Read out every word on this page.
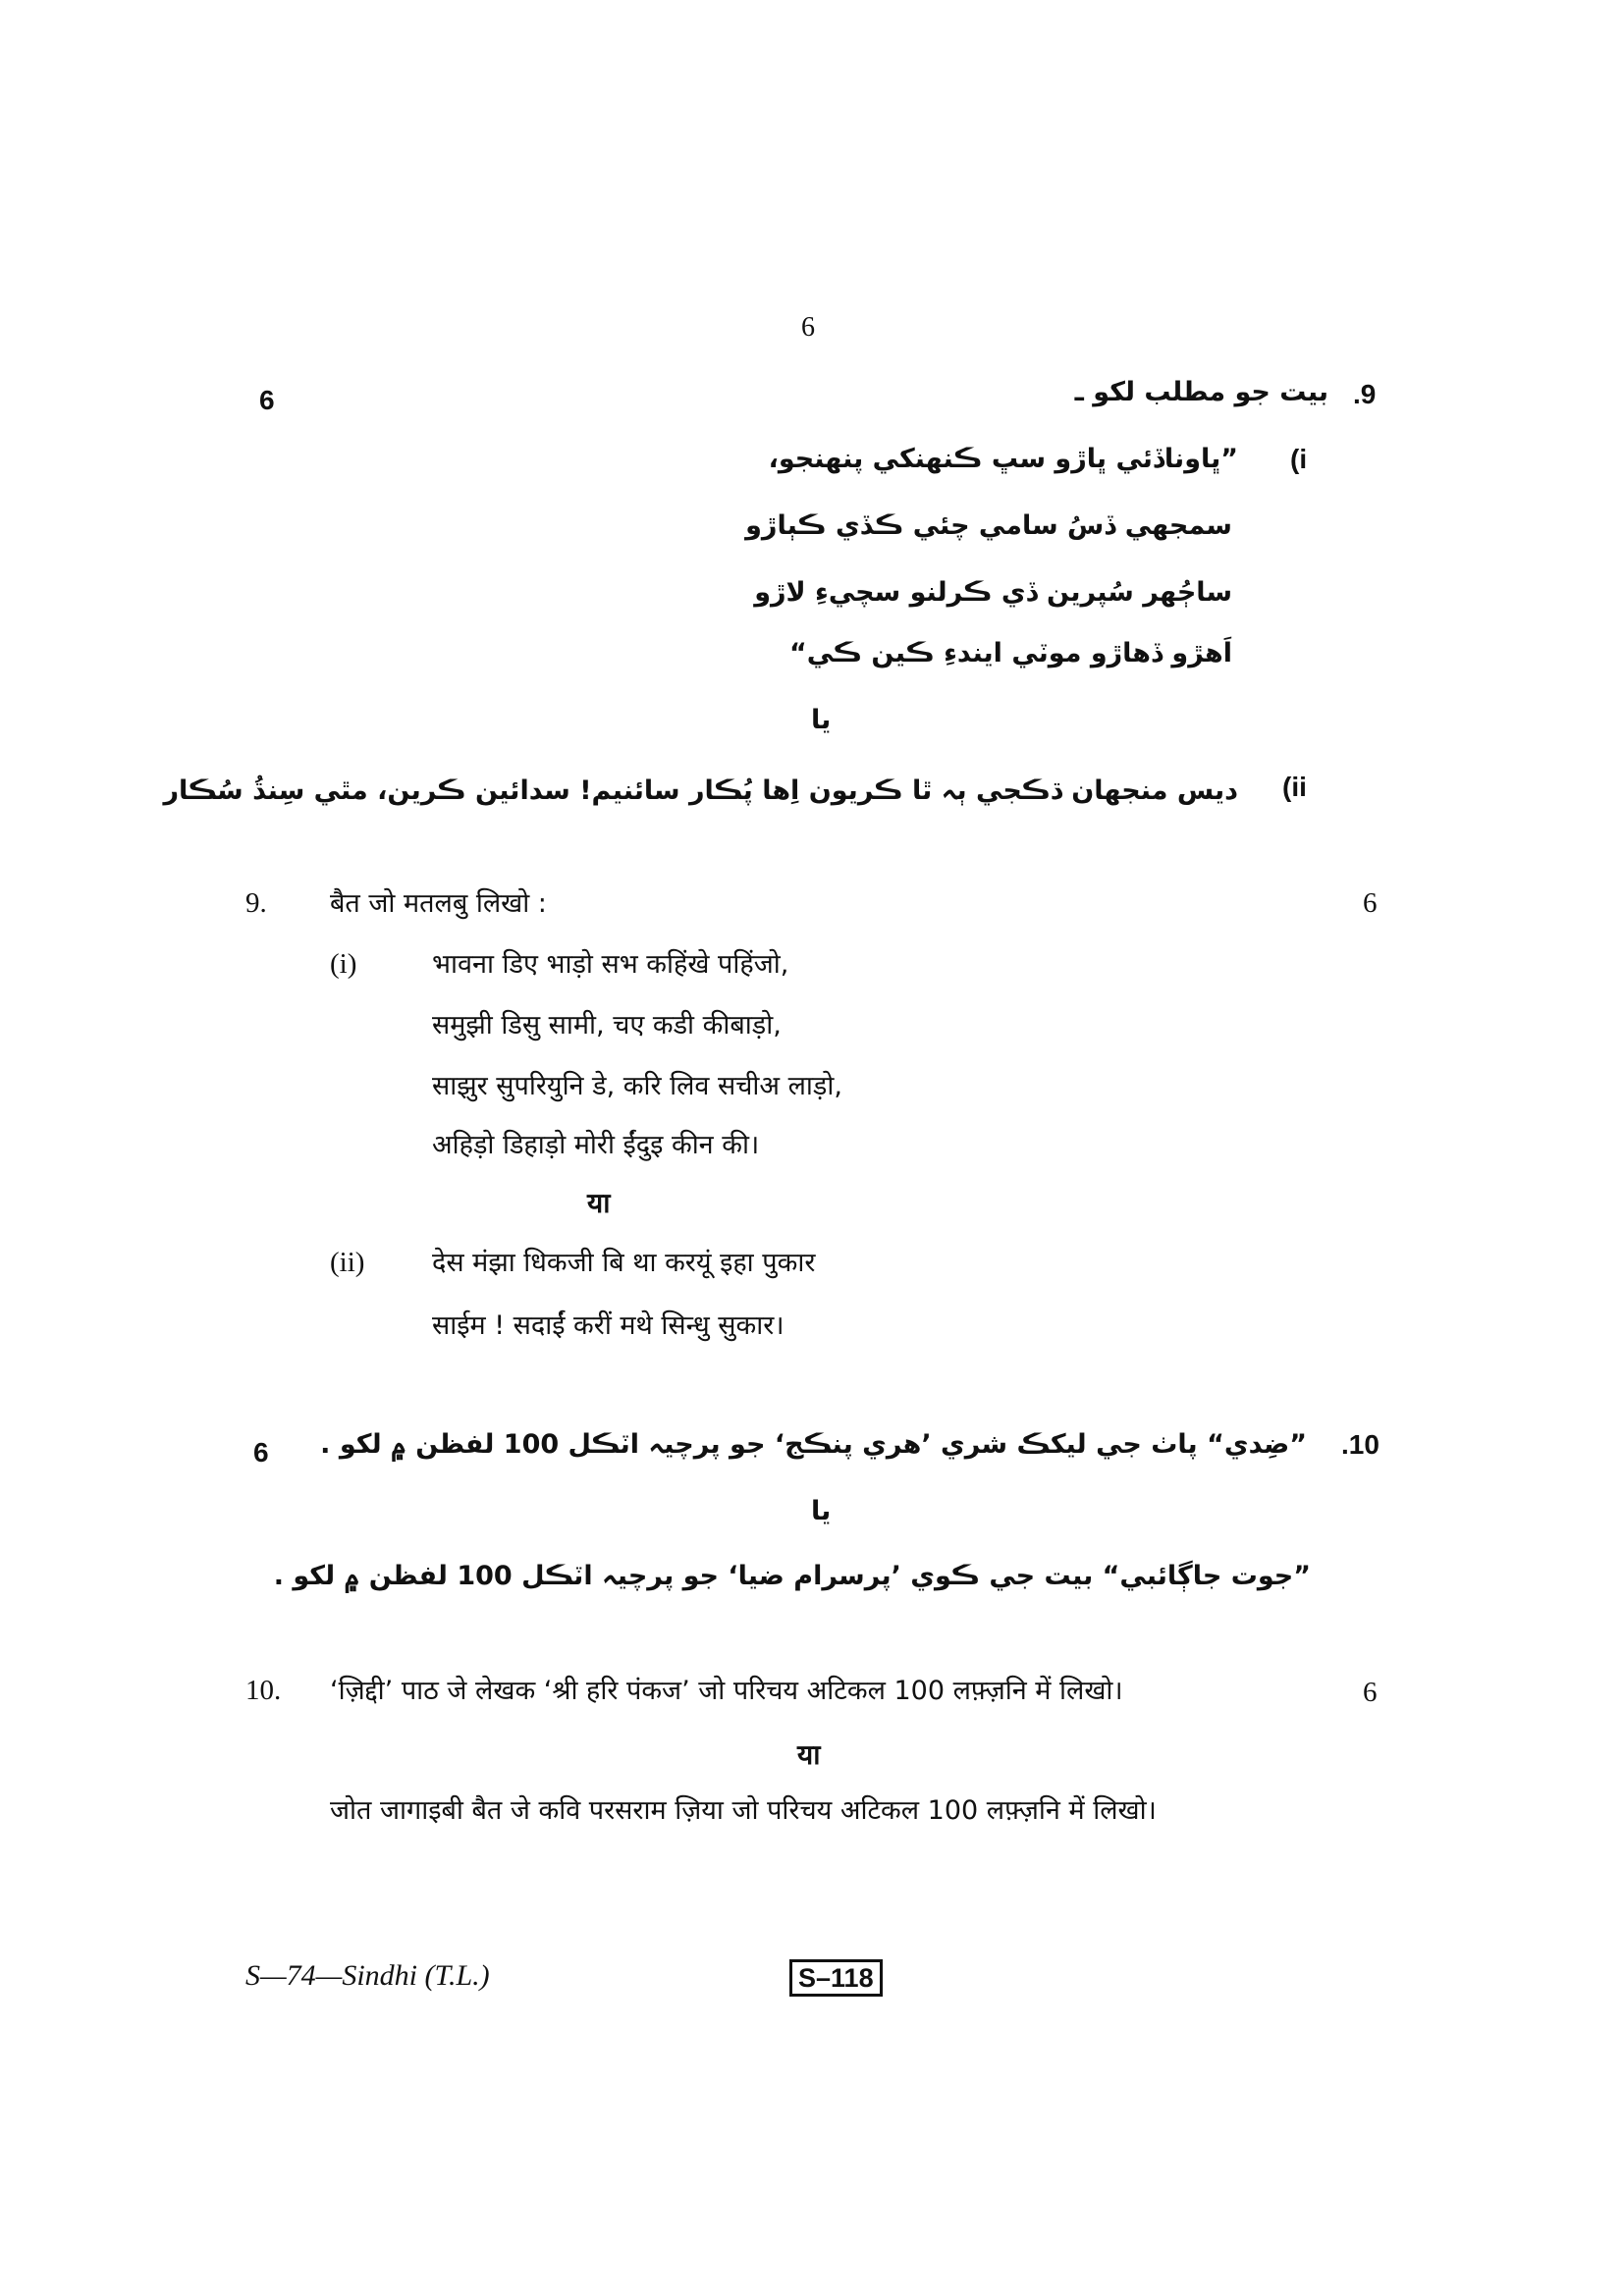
6
6	.9
بيت جو مطلب لکو ـ
(i
”ڀاوناڏئي ڀاڙو سڀ ڪنهنکي پنهنجو،
سمجهي ڏسُ سامي چئي ڪڏي ڪٻاڙو
ساڄُهر سُپرين ڏي ڪرلنو سچيءِ لاڙو
اَهڙو ڏهاڙو موٽي ايندءِ ڪين ڪي“
يا
(ii
ديس منجهان ڌڪجي ٻہ ٿا ڪريون اِها پُڪار سائنيم! سدائين ڪرين، مٿي سِنڌُ سُڪار
9. बैत जो मतलबु लिखो :	6
(i)	भावना डिए भाड़ो सभ कहिंखे पहिंजो,
समुझी डिसु सामी, चए कडी कीबाड़ो,
साझुर सुपरियुनि डे, करि लिव सचीअ लाड़ो,
अहिड़ो डिहाड़ो मोरी ईंदुइ कीन की।
या
(ii)	देस मंझा धिकजी बि था करयूं इहा पुकार
साईम ! सदाईं करीं मथे सिन्धु सुकार।
6	.10
”ضِدي“ پاٺ جي ليکڪ شري ’هري پنڪج‘ جو پرچيہ اٽڪل 100 لفظن ۾ لکو .
يا
”جوت جاڳائبي“ بيت جي ڪوي ’پرسرام ضيا‘ جو پرچيہ اٽڪل 100 لفظن ۾ لکو .
10. ‘ज़िद्दी’ पाठ जे लेखक ‘श्री हरि पंकज’ जो परिचय अटिकल 100 लफ़्ज़नि में लिखो।	6
या
जोत जागाइबी बैत जे कवि परसराम ज़िया जो परिचय अटिकल 100 लफ़्ज़नि में लिखो।
S—74—Sindhi (T.L.)	S–118
